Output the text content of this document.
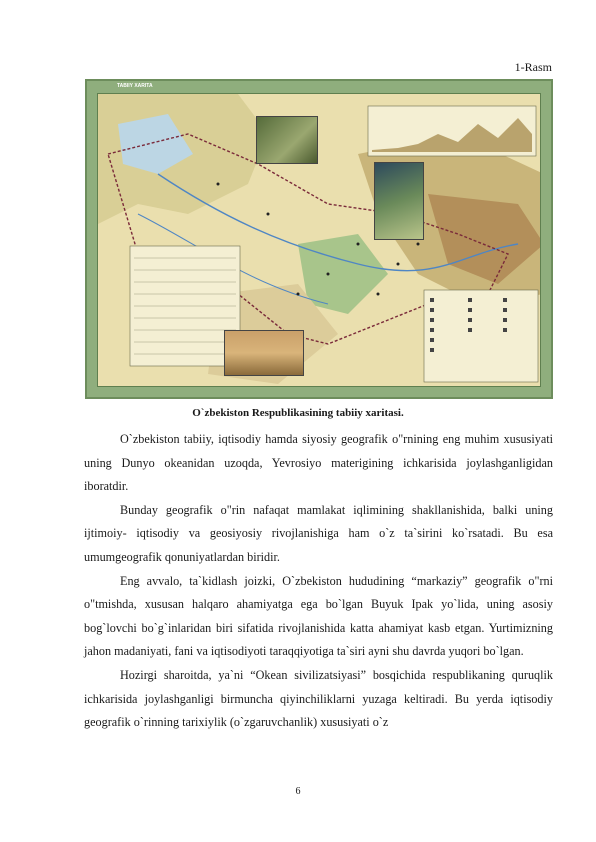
1-Rasm
TABIIY XARITA
O`zbekiston Respublikasining tabiiy xaritasi.

O`zbekiston tabiiy, iqtisodiy hamda siyosiy geografik o"rnining eng muhim xususiyati uning Dunyo okeanidan uzoqda, Yevrosiyo materigining ichkarisida joylashganligidan iboratdir.

Bunday geografik o"rin nafaqat mamlakat iqlimining shakllanishida, balki uning ijtimoiy- iqtisodiy va geosiyosiy rivojlanishiga ham o`z ta`sirini ko`rsatadi. Bu esa umumgeografik qonuniyatlardan biridir.

Eng avvalo, ta`kidlash joizki, O`zbekiston hududining “markaziy” geografik o"rni o"tmishda, xususan halqaro ahamiyatga ega bo`lgan Buyuk Ipak yo`lida, uning asosiy bog`lovchi bo`g`inlaridan biri sifatida rivojlanishida katta ahamiyat kasb etgan. Yurtimizning jahon madaniyati, fani va iqtisodiyoti taraqqiyotiga ta`siri ayni shu davrda yuqori bo`lgan.

Hozirgi sharoitda, ya`ni “Okean sivilizatsiyasi” bosqichida respublikaning quruqlik ichkarisida joylashganligi birmuncha qiyinchiliklarni yuzaga keltiradi. Bu yerda iqtisodiy geografik o`rinning tarixiylik (o`zgaruvchanlik) xususiyati o`z

6
